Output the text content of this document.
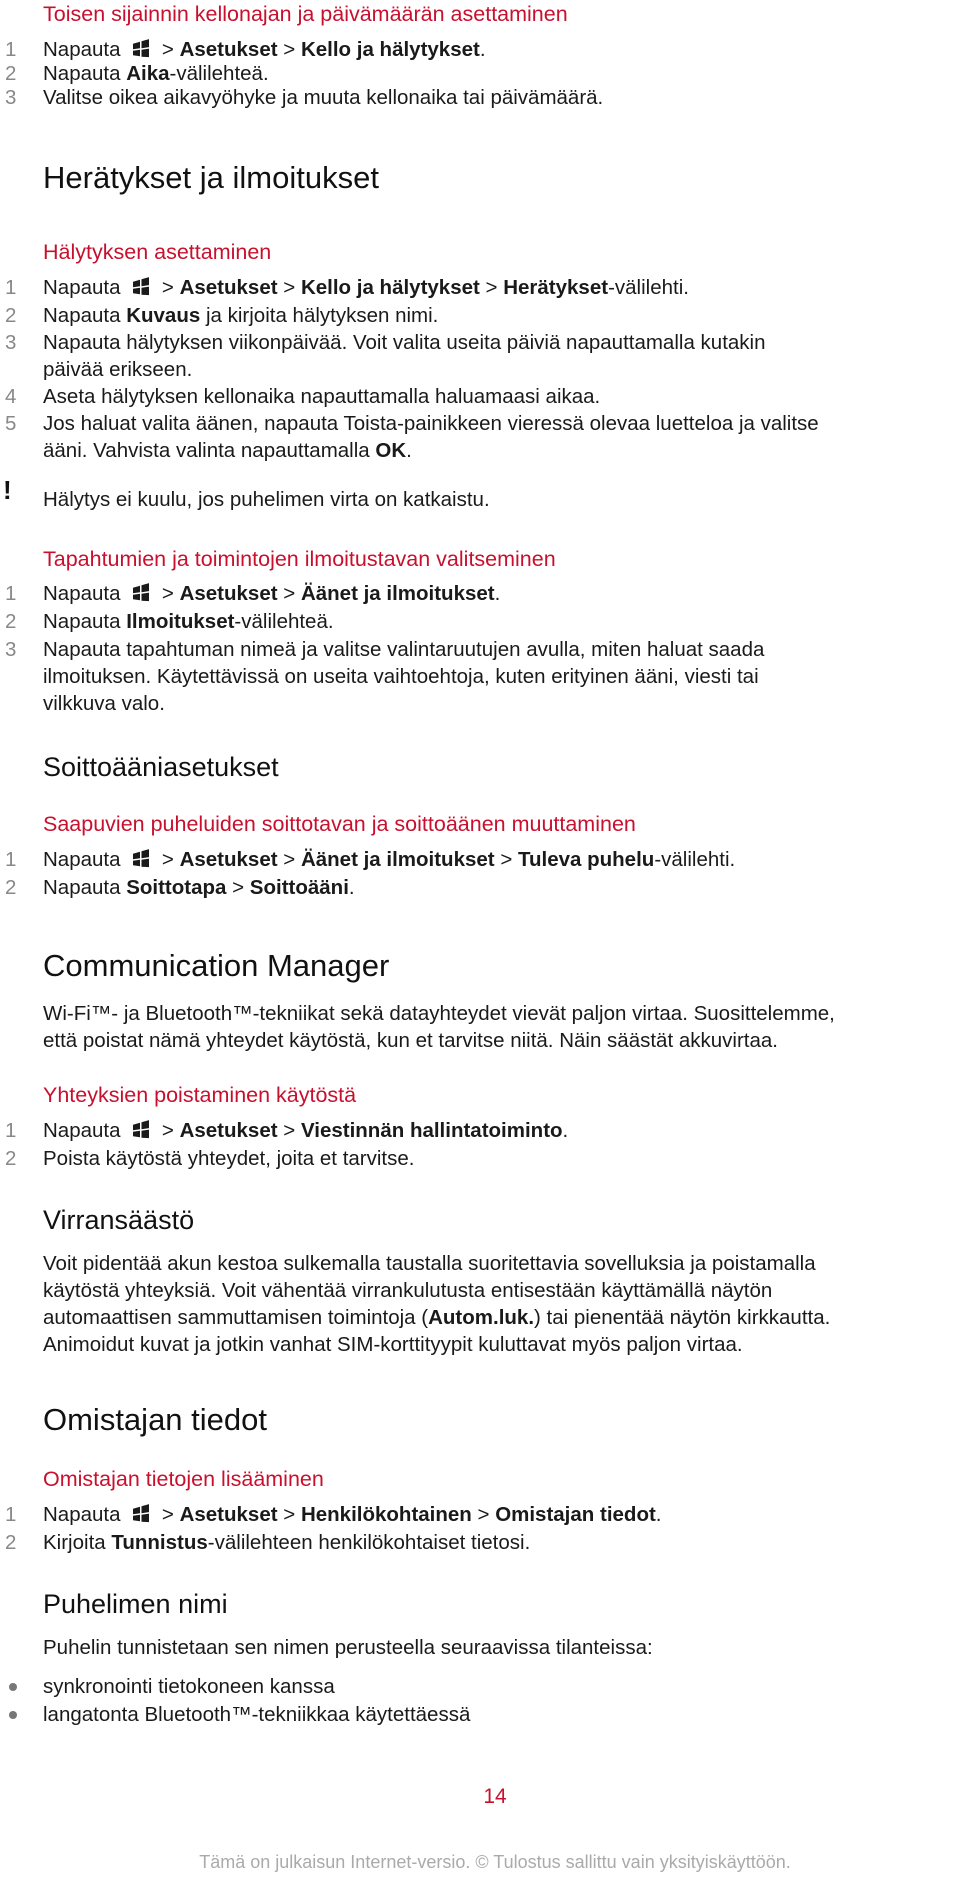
Toisen sijainnin kellonajan ja päivämäärän asettaminen
1 Napauta  > Asetukset > Kello ja hälytykset.
2 Napauta Aika-välilehteä.
3 Valitse oikea aikavyöhyke ja muuta kellonaika tai päivämäärä.
Herätykset ja ilmoitukset
Hälytyksen asettaminen
1 Napauta  > Asetukset > Kello ja hälytykset > Herätykset-välilehti.
2 Napauta Kuvaus ja kirjoita hälytyksen nimi.
3 Napauta hälytyksen viikonpäivää. Voit valita useita päiviä napauttamalla kutakin
päivää erikseen.
4 Aseta hälytyksen kellonaika napauttamalla haluamaasi aikaa.
5 Jos haluat valita äänen, napauta Toista-painikkeen vieressä olevaa luetteloa ja valitse
ääni. Vahvista valinta napauttamalla OK.
! Hälytys ei kuulu, jos puhelimen virta on katkaistu.
Tapahtumien ja toimintojen ilmoitustavan valitseminen
1 Napauta  > Asetukset > Äänet ja ilmoitukset.
2 Napauta Ilmoitukset-välilehteä.
3 Napauta tapahtuman nimeä ja valitse valintaruutujen avulla, miten haluat saada
ilmoituksen. Käytettävissä on useita vaihtoehtoja, kuten erityinen ääni, viesti tai
vilkkuva valo.
Soittoääniasetukset
Saapuvien puheluiden soittotavan ja soittoäänen muuttaminen
1 Napauta  > Asetukset > Äänet ja ilmoitukset > Tuleva puhelu-välilehti.
2 Napauta Soittotapa > Soittoääni.
Communication Manager
Wi-Fi™- ja Bluetooth™-tekniikat sekä datayhteydet vievät paljon virtaa. Suosittelemme,
että poistat nämä yhteydet käytöstä, kun et tarvitse niitä. Näin säästät akkuvirtaa.
Yhteyksien poistaminen käytöstä
1 Napauta  > Asetukset > Viestinnän hallintatoiminto.
2 Poista käytöstä yhteydet, joita et tarvitse.
Virransäästö
Voit pidentää akun kestoa sulkemalla taustalla suoritettavia sovelluksia ja poistamalla
käytöstä yhteyksiä. Voit vähentää virrankulutusta entisestään käyttämällä näytön
automaattisen sammuttamisen toimintoja (Autom.luk.) tai pienentää näytön kirkkautta.
Animoidut kuvat ja jotkin vanhat SIM-korttityypit kuluttavat myös paljon virtaa.
Omistajan tiedot
Omistajan tietojen lisääminen
1 Napauta  > Asetukset > Henkilökohtainen > Omistajan tiedot.
2 Kirjoita Tunnistus-välilehteen henkilökohtaiset tietosi.
Puhelimen nimi
Puhelin tunnistetaan sen nimen perusteella seuraavissa tilanteissa:
synkronointi tietokoneen kanssa
langatonta Bluetooth™-tekniikkaa käytettäessä
14
Tämä on julkaisun Internet-versio. © Tulostus sallittu vain yksityiskäyttöön.
